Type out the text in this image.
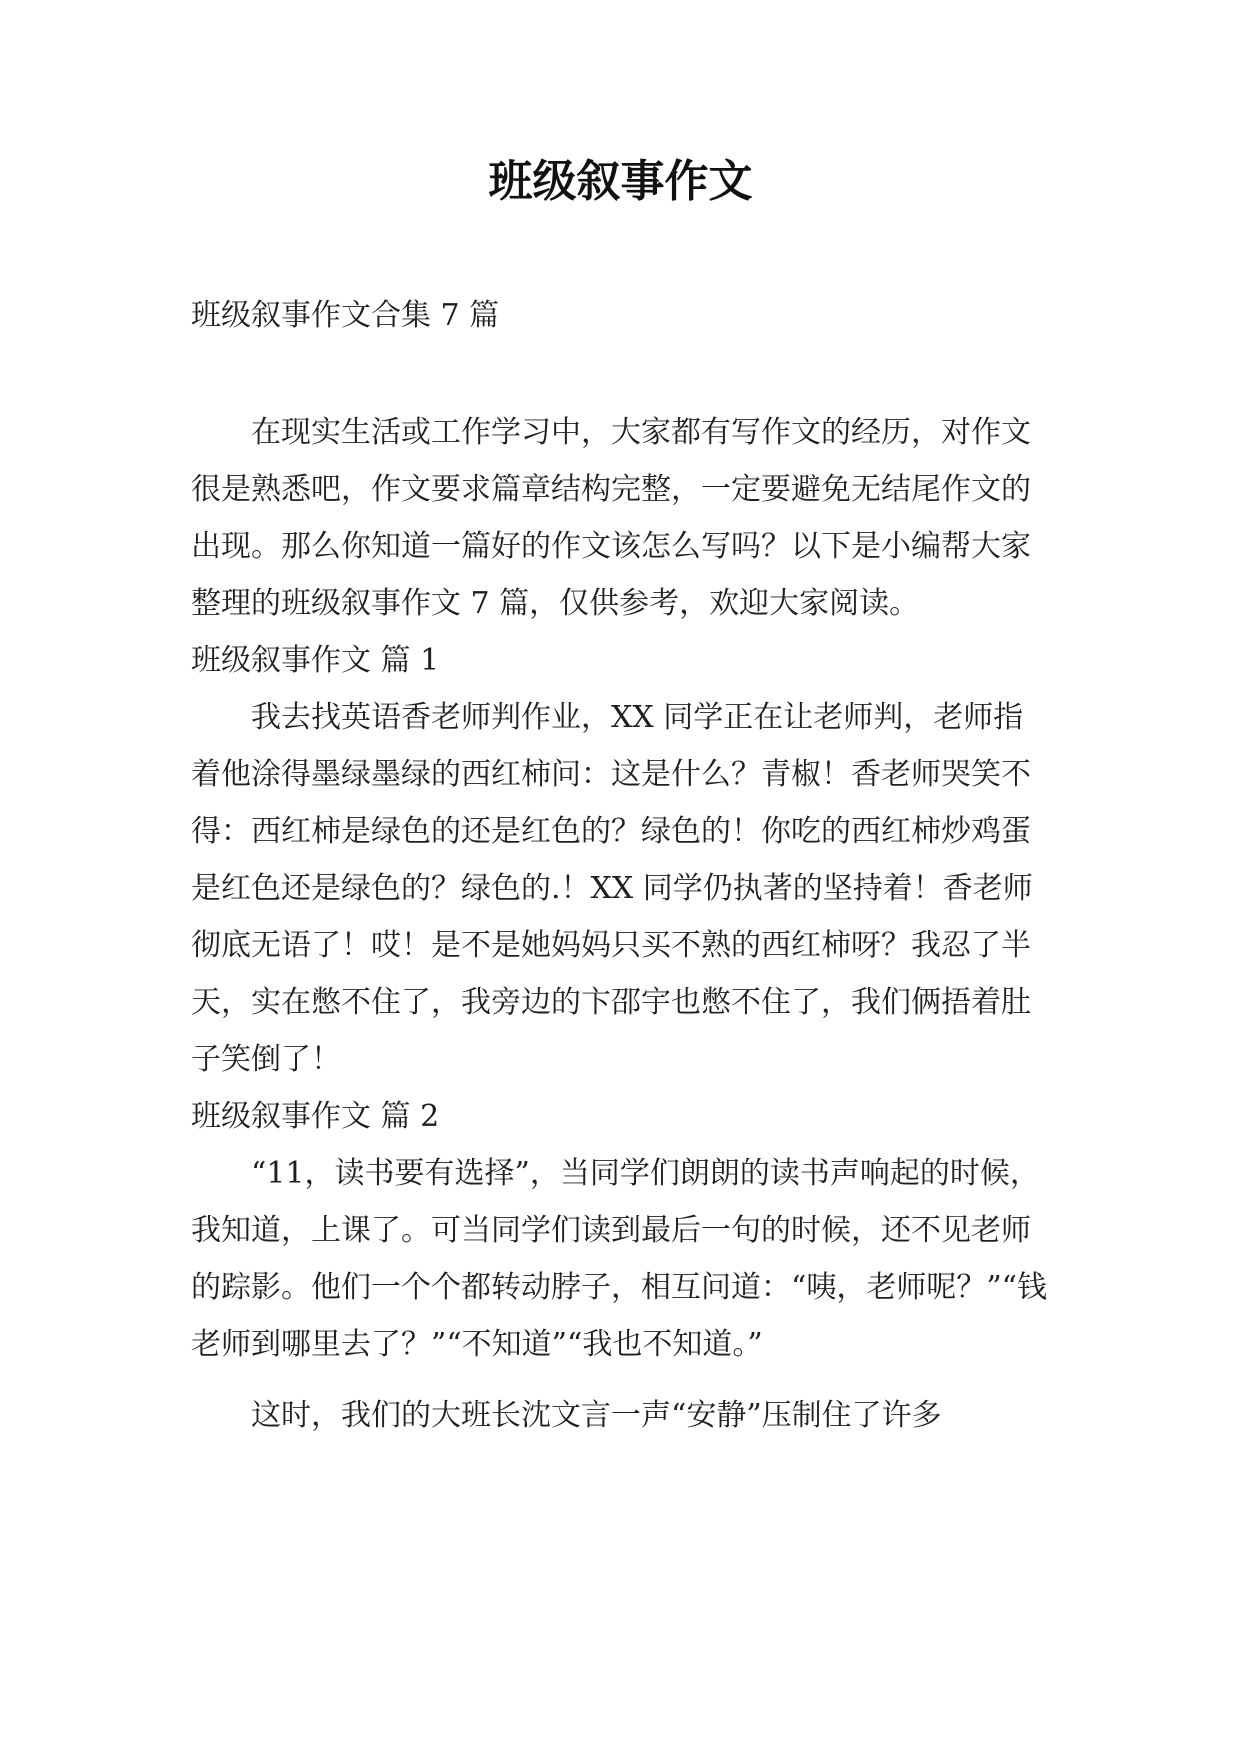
班级叙事作文

班级叙事作文合集 7 篇

在现实生活或工作学习中，大家都有写作文的经历，对作文很是熟悉吧，作文要求篇章结构完整，一定要避免无结尾作文的出现。那么你知道一篇好的作文该怎么写吗？以下是小编帮大家整理的班级叙事作文 7 篇，仅供参考，欢迎大家阅读。

班级叙事作文 篇 1

我去找英语香老师判作业，XX 同学正在让老师判，老师指着他涂得墨绿墨绿的西红柿问：这是什么？青椒！香老师哭笑不得：西红柿是绿色的还是红色的？绿色的！你吃的西红柿炒鸡蛋是红色还是绿色的？绿色的.！XX 同学仍执著的坚持着！香老师彻底无语了！哎！是不是她妈妈只买不熟的西红柿呀？我忍了半天，实在憋不住了，我旁边的卞邵宇也憋不住了，我们俩捂着肚子笑倒了！

班级叙事作文 篇 2

“11，读书要有选择”，当同学们朗朗的读书声响起的时候，我知道，上课了。可当同学们读到最后一句的时候，还不见老师的踪影。他们一个个都转动脖子，相互问道：“咦，老师呢？”“钱老师到哪里去了？”“不知道”“我也不知道。”

这时，我们的大班长沈文言一声“安静”压制住了许多
